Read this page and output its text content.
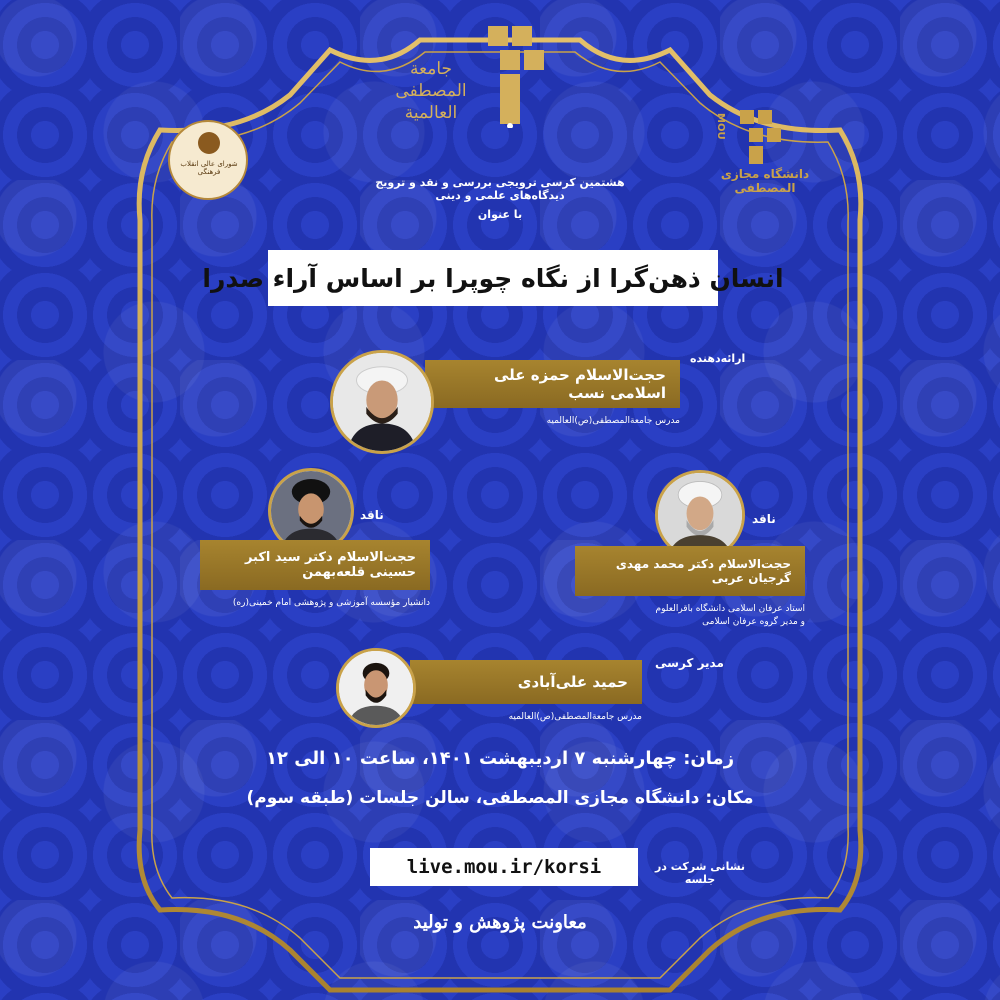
جامعة المصطفى العالمية
شورای عالی انقلاب فرهنگی
MOU
دانشگاه مجازی المصطفی
هشتمین کرسی ترویجی بررسی و نقد و ترویج دیدگاه‌های علمی و دینی
با عنوان
انسان ذهن‌گرا از نگاه چوپرا بر اساس آراء صدرا
ارائه‌دهنده
حجت‌الاسلام حمزه علی اسلامی نسب
مدرس جامعة‌المصطفی(ص)العالمیه
ناقد
حجت‌الاسلام دکتر سید اکبر حسینی قلعه‌بهمن
دانشیار مؤسسه آموزشی و پژوهشی امام خمینی(ره)
ناقد
حجت‌الاسلام دکتر محمد مهدی گرجیان عربی
استاد عرفان اسلامی دانشگاه باقرالعلوم
و مدیر گروه عرفان اسلامی
مدیر کرسی
حمید علی‌آبادی
مدرس جامعة‌المصطفی(ص)العالمیه
زمان: چهارشنبه ۷ اردیبهشت ۱۴۰۱، ساعت ۱۰ الی ۱۲
مکان: دانشگاه مجازی المصطفی، سالن جلسات (طبقه سوم)
live.mou.ir/korsi	نشانی شرکت در جلسه
معاونت پژوهش و تولید
